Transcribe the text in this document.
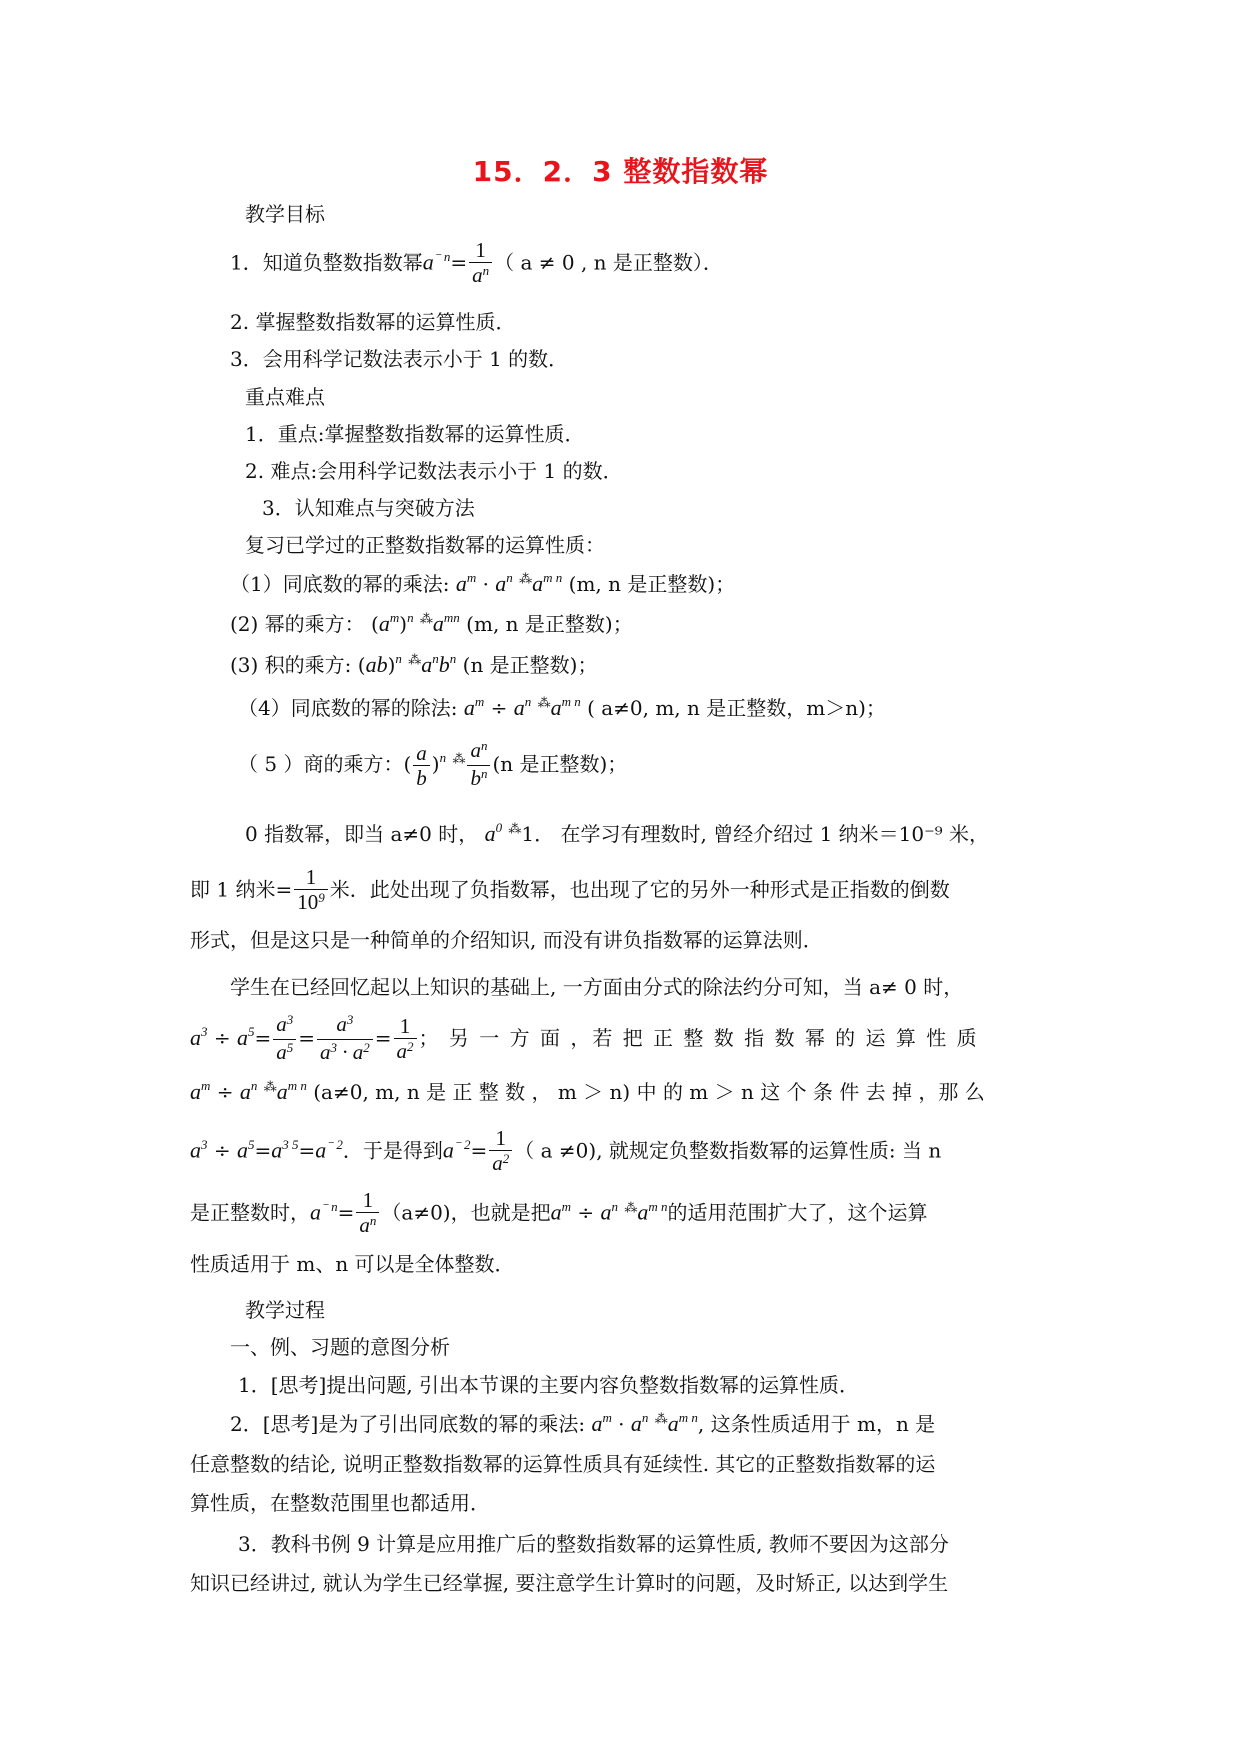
15．2．3 整数指数幂
教学目标
1．知道负整数指数幂$a^{^- n}= \frac{1}{a^n}$ （ a ≠ 0 , n 是正整数）．
2. 掌握整数指数幂的运算性质．
3．会用科学记数法表示小于 1 的数．
重点难点
1．重点:掌握整数指数幂的运算性质．
2. 难点:会用科学记数法表示小于 1 的数．
3．认知难点与突破方法
复习已学过的正整数指数幂的运算性质：
（1）同底数的幂的乘法: $a^m \cdot a^n$ $^⁂a^{m n}$ (m, n 是正整数)；
(2) 幂的乘方： $(a^m)^n$ $^⁂a^{mn}$ (m, n 是正整数)；
(3) 积的乘方: (ab)$^n$ $^⁂a^nb^n$ (n 是正整数)；
（4）同底数的幂的除法: $a^m \div a^n$ $^⁂a^{m n}$ ( a≠0, m, n 是正整数，m＞n)；
（ 5 ）商的乘方：( $\frac{a}{b} )^n$ $^⁂ \frac{a^n}{b^n} (n$ 是正整数)；
0 指数幂，即当 a≠0 时， $a^0$ ⁂1． 在学习有理数时, 曾经介绍过 1 纳米＝10⁻⁹ 米，
即 1 纳米= $\frac{1}{10^9}$ 米．此处出现了负指数幂，也出现了它的另外一种形式是正指数的倒数
形式，但是这只是一种简单的介绍知识, 而没有讲负指数幂的运算法则．
学生在已经回忆起以上知识的基础上, 一方面由分式的除法约分可知，当 a≠ 0 时，
$a^3 \div a^5= \frac{a^3}{a^5} = \frac{a^3}{a^3 \cdot a^2} = \frac{1}{a^2}$ ； 另 一 方 面 ，若 把 正 整 数 指 数 幂 的 运 算 性 质
$a^m \div a^n$ $^⁂a^{m n}$ (a≠0, m, n 是 正 整 数 ， m ＞ n) 中 的 m ＞ n 这 个 条 件 去 掉 ，那 么
$a^3 \div a^5=a^{3 5}=a^{^- 2}$．于是得到$a^{^- 2}= \frac{1}{a^2}$ （ a ≠0), 就规定负整数指数幂的运算性质: 当 n
是正整数时，$a^{^- n}= \frac{1}{a^n} (a\ne 0)$，也就是把$a^m \div a^n$ $^⁂a^{m n}$的适用范围扩大了，这个运算
性质适用于 m、n 可以是全体整数．
教学过程
一、例、习题的意图分析
1．[思考]提出问题, 引出本节课的主要内容负整数指数幂的运算性质．
2．[思考]是为了引出同底数的幂的乘法: $a^m \cdot a^n$ $^⁂a^{m n}$, 这条性质适用于 m，n 是
任意整数的结论, 说明正整数指数幂的运算性质具有延续性. 其它的正整数指数幂的运
算性质，在整数范围里也都适用．
3．教科书例 9 计算是应用推广后的整数指数幂的运算性质, 教师不要因为这部分
知识已经讲过, 就认为学生已经掌握, 要注意学生计算时的问题，及时矫正, 以达到学生
